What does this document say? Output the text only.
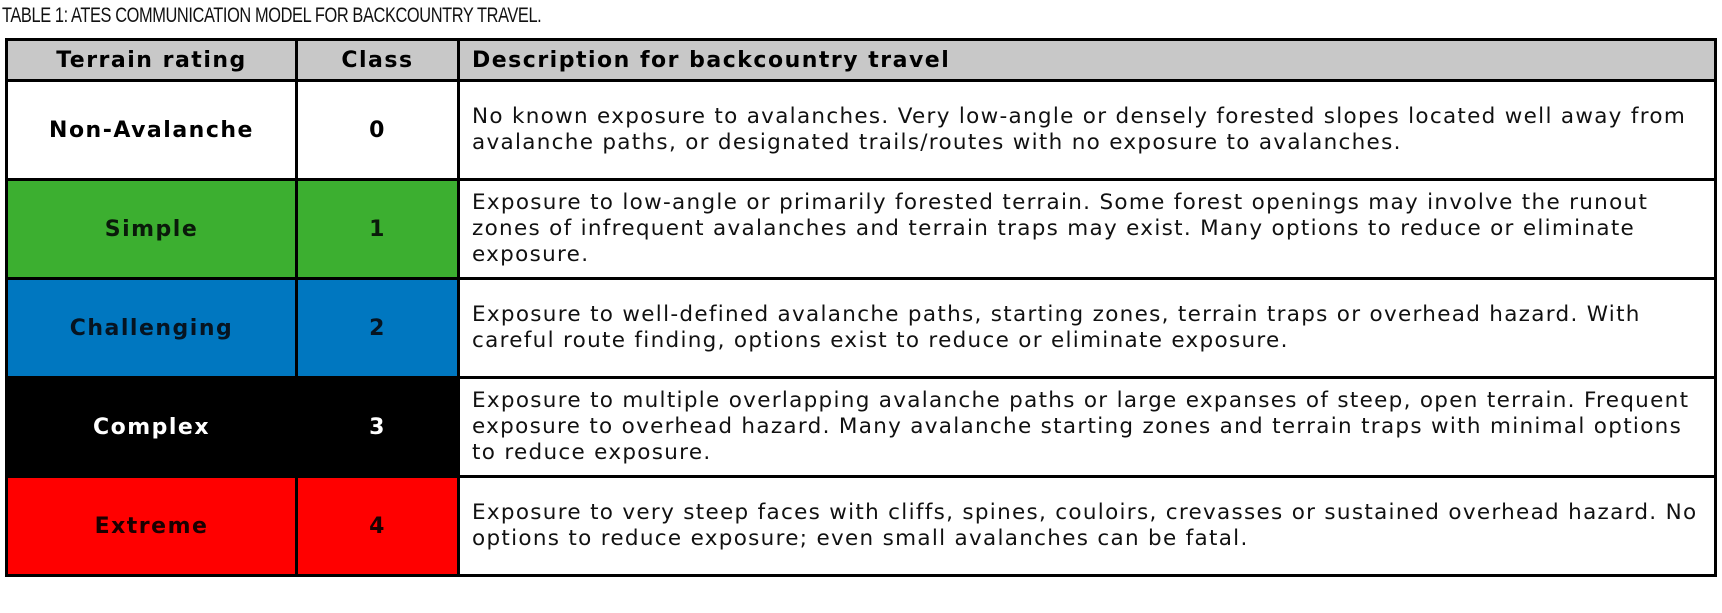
TABLE 1: ATES COMMUNICATION MODEL FOR BACKCOUNTRY TRAVEL.
Terrain rating	Class	Description for backcountry travel
Non-Avalanche	0	No known exposure to avalanches. Very low-angle or densely forested slopes located well away from avalanche paths, or designated trails/routes with no exposure to avalanches.
Simple	1	Exposure to low-angle or primarily forested terrain. Some forest openings may involve the runout zones of infrequent avalanches and terrain traps may exist. Many options to reduce or eliminate exposure.
Challenging	2	Exposure to well-defined avalanche paths, starting zones, terrain traps or overhead hazard. With careful route finding, options exist to reduce or eliminate exposure.
Complex	3	Exposure to multiple overlapping avalanche paths or large expanses of steep, open terrain. Frequent exposure to overhead hazard. Many avalanche starting zones and terrain traps with minimal options to reduce exposure.
Extreme	4	Exposure to very steep faces with cliffs, spines, couloirs, crevasses or sustained overhead hazard. No options to reduce exposure; even small avalanches can be fatal.
